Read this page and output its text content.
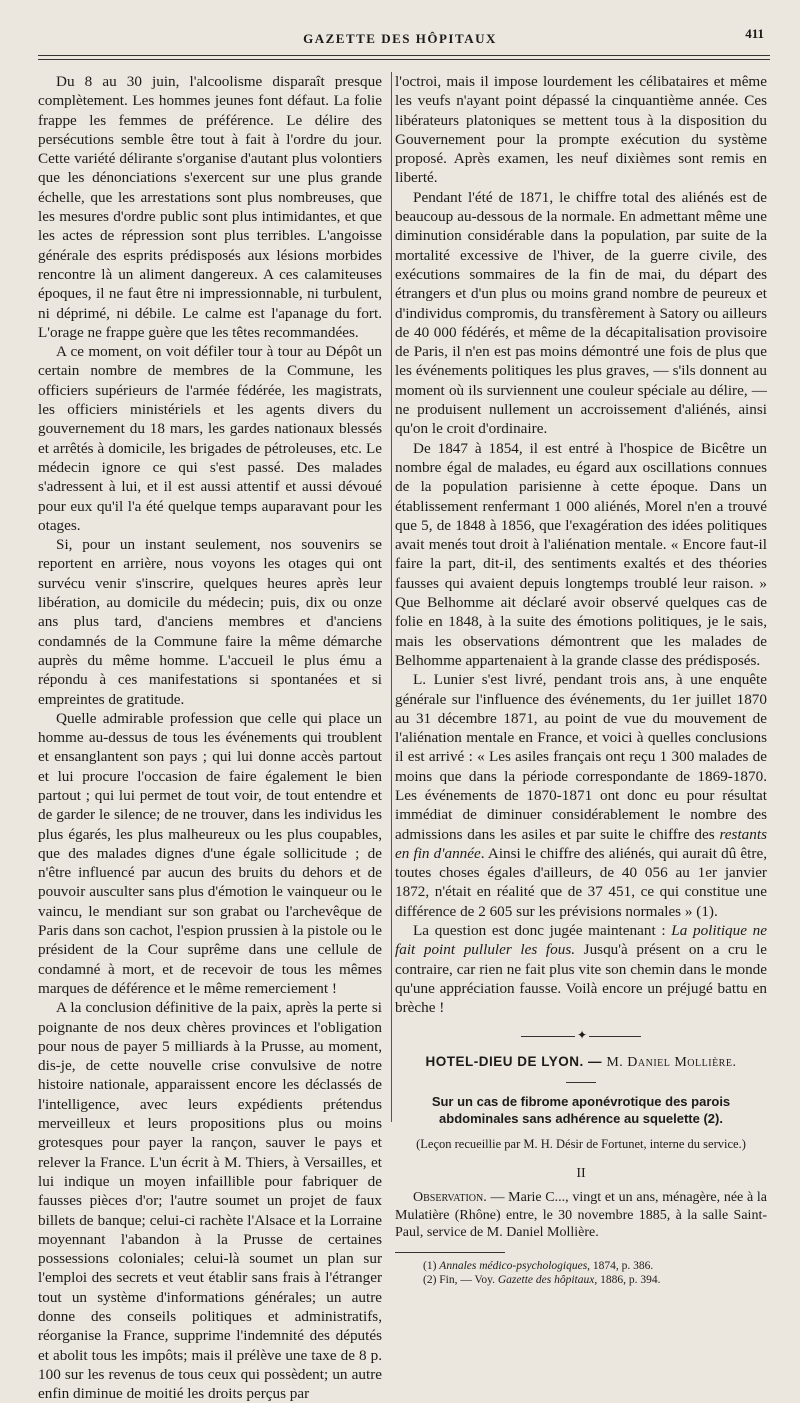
GAZETTE DES HÔPITAUX	411

Du 8 au 30 juin, l'alcoolisme disparaît presque complètement. Les hommes jeunes font défaut. La folie frappe les femmes de préférence. Le délire des persécutions semble être tout à fait à l'ordre du jour. Cette variété délirante s'organise d'autant plus volontiers que les dénonciations s'exercent sur une plus grande échelle, que les arrestations sont plus nombreuses, que les mesures d'ordre public sont plus intimidantes, et que les actes de répression sont plus terribles. L'angoisse générale des esprits prédisposés aux lésions morbides rencontre là un aliment dangereux. A ces calamiteuses époques, il ne faut être ni impressionnable, ni turbulent, ni déprimé, ni débile. Le calme est l'apanage du fort. L'orage ne frappe guère que les têtes recommandées.

A ce moment, on voit défiler tour à tour au Dépôt un certain nombre de membres de la Commune, les officiers supérieurs de l'armée fédérée, les magistrats, les officiers ministériels et les agents divers du gouvernement du 18 mars, les gardes nationaux blessés et arrêtés à domicile, les brigades de pétroleuses, etc. Le médecin ignore ce qui s'est passé. Des malades s'adressent à lui, et il est aussi attentif et aussi dévoué pour eux qu'il l'a été quelque temps auparavant pour les otages.

Si, pour un instant seulement, nos souvenirs se reportent en arrière, nous voyons les otages qui ont survécu venir s'inscrire, quelques heures après leur libération, au domicile du médecin; puis, dix ou onze ans plus tard, d'anciens membres et d'anciens condamnés de la Commune faire la même démarche auprès du même homme. L'accueil le plus ému a répondu à ces manifestations si spontanées et si empreintes de gratitude.

Quelle admirable profession que celle qui place un homme au-dessus de tous les événements qui troublent et ensanglantent son pays ; qui lui donne accès partout et lui procure l'occasion de faire également le bien partout ; qui lui permet de tout voir, de tout entendre et de garder le silence; de ne trouver, dans les individus les plus égarés, les plus malheureux ou les plus coupables, que des malades dignes d'une égale sollicitude ; de n'être influencé par aucun des bruits du dehors et de pouvoir ausculter sans plus d'émotion le vainqueur ou le vaincu, le mendiant sur son grabat ou l'archevêque de Paris dans son cachot, l'espion prussien à la pistole ou le président de la Cour suprême dans une cellule de condamné à mort, et de recevoir de tous les mêmes marques de déférence et le même remerciement !

A la conclusion définitive de la paix, après la perte si poignante de nos deux chères provinces et l'obligation pour nous de payer 5 milliards à la Prusse, au moment, dis-je, de cette nouvelle crise convulsive de notre histoire nationale, apparaissent encore les déclassés de l'intelligence, avec leurs expédients prétendus merveilleux et leurs propositions plus ou moins grotesques pour payer la rançon, sauver le pays et relever la France. L'un écrit à M. Thiers, à Versailles, et lui indique un moyen infaillible pour fabriquer de fausses pièces d'or; l'autre soumet un projet de faux billets de banque; celui-ci rachète l'Alsace et la Lorraine moyennant l'abandon à la Prusse de certaines possessions coloniales; celui-là soumet un plan sur l'emploi des secrets et veut établir sans frais à l'étranger tout un système d'informations générales; un autre donne des conseils politiques et administratifs, réorganise la France, supprime l'indemnité des députés et abolit tous les impôts; mais il prélève une taxe de 8 p. 100 sur les revenus de tous ceux qui possèdent; un autre enfin diminue de moitié les droits perçus par

l'octroi, mais il impose lourdement les célibataires et même les veufs n'ayant point dépassé la cinquantième année. Ces libérateurs platoniques se mettent tous à la disposition du Gouvernement pour la prompte exécution du système proposé. Après examen, les neuf dixièmes sont remis en liberté.

Pendant l'été de 1871, le chiffre total des aliénés est de beaucoup au-dessous de la normale. En admettant même une diminution considérable dans la population, par suite de la mortalité excessive de l'hiver, de la guerre civile, des exécutions sommaires de la fin de mai, du départ des étrangers et d'un plus ou moins grand nombre de peureux et d'individus compromis, du transfèrement à Satory ou ailleurs de 40 000 fédérés, et même de la décapitalisation provisoire de Paris, il n'en est pas moins démontré une fois de plus que les événements politiques les plus graves, — s'ils donnent au moment où ils surviennent une couleur spéciale au délire, — ne produisent nullement un accroissement d'aliénés, ainsi qu'on le croit d'ordinaire.

De 1847 à 1854, il est entré à l'hospice de Bicêtre un nombre égal de malades, eu égard aux oscillations connues de la population parisienne à cette époque. Dans un établissement renfermant 1 000 aliénés, Morel n'en a trouvé que 5, de 1848 à 1856, que l'exagération des idées politiques avait menés tout droit à l'aliénation mentale. « Encore faut-il faire la part, dit-il, des sentiments exaltés et des théories fausses qui avaient depuis longtemps troublé leur raison. » Que Belhomme ait déclaré avoir observé quelques cas de folie en 1848, à la suite des émotions politiques, je le sais, mais les observations démontrent que les malades de Belhomme appartenaient à la grande classe des prédisposés.

L. Lunier s'est livré, pendant trois ans, à une enquête générale sur l'influence des événements, du 1er juillet 1870 au 31 décembre 1871, au point de vue du mouvement de l'aliénation mentale en France, et voici à quelles conclusions il est arrivé : « Les asiles français ont reçu 1 300 malades de moins que dans la période correspondante de 1869-1870. Les événements de 1870-1871 ont donc eu pour résultat immédiat de diminuer considérablement le nombre des admissions dans les asiles et par suite le chiffre des restants en fin d'année. Ainsi le chiffre des aliénés, qui aurait dû être, toutes choses égales d'ailleurs, de 40 056 au 1er janvier 1872, n'était en réalité que de 37 451, ce qui constitue une différence de 2 605 sur les prévisions normales » (1).

La question est donc jugée maintenant : La politique ne fait point pulluler les fous. Jusqu'à présent on a cru le contraire, car rien ne fait plus vite son chemin dans le monde qu'une appréciation fausse. Voilà encore un préjugé battu en brèche !

✦
HOTEL-DIEU DE LYON. — M. Daniel Mollière.
Sur un cas de fibrome aponévrotique des parois abdominales sans adhérence au squelette (2).
(Leçon recueillie par M. H. Désir de Fortunet, interne du service.)
II

Observation. — Marie C..., vingt et un ans, ménagère, née à la Mulatière (Rhône) entre, le 30 novembre 1885, à la salle Saint-Paul, service de M. Daniel Mollière.

(1) Annales médico-psychologiques, 1874, p. 386.

(2) Fin, — Voy. Gazette des hôpitaux, 1886, p. 394.
